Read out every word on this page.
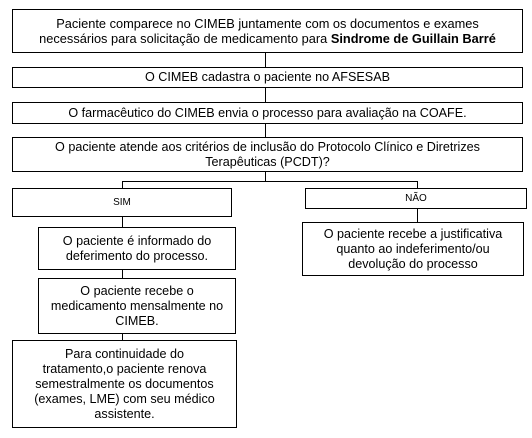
Paciente comparece no CIMEB juntamente com os documentos e exames
necessários para solicitação de medicamento para Sindrome de Guillain Barré
O CIMEB cadastra o paciente no AFSESAB
O farmacêutico do CIMEB envia o processo para avaliação na COAFE.
O paciente atende aos critérios de inclusão do Protocolo Clínico e Diretrizes
Terapêuticas (PCDT)?
SIM	NÃO
O paciente é informado do
deferimento do processo.
O paciente recebe o
medicamento mensalmente no
CIMEB.
Para continuidade do
tratamento,o paciente renova
semestralmente os documentos
(exames, LME) com seu médico
assistente.
O paciente recebe a justificativa
quanto ao indeferimento/ou
devolução do processo
